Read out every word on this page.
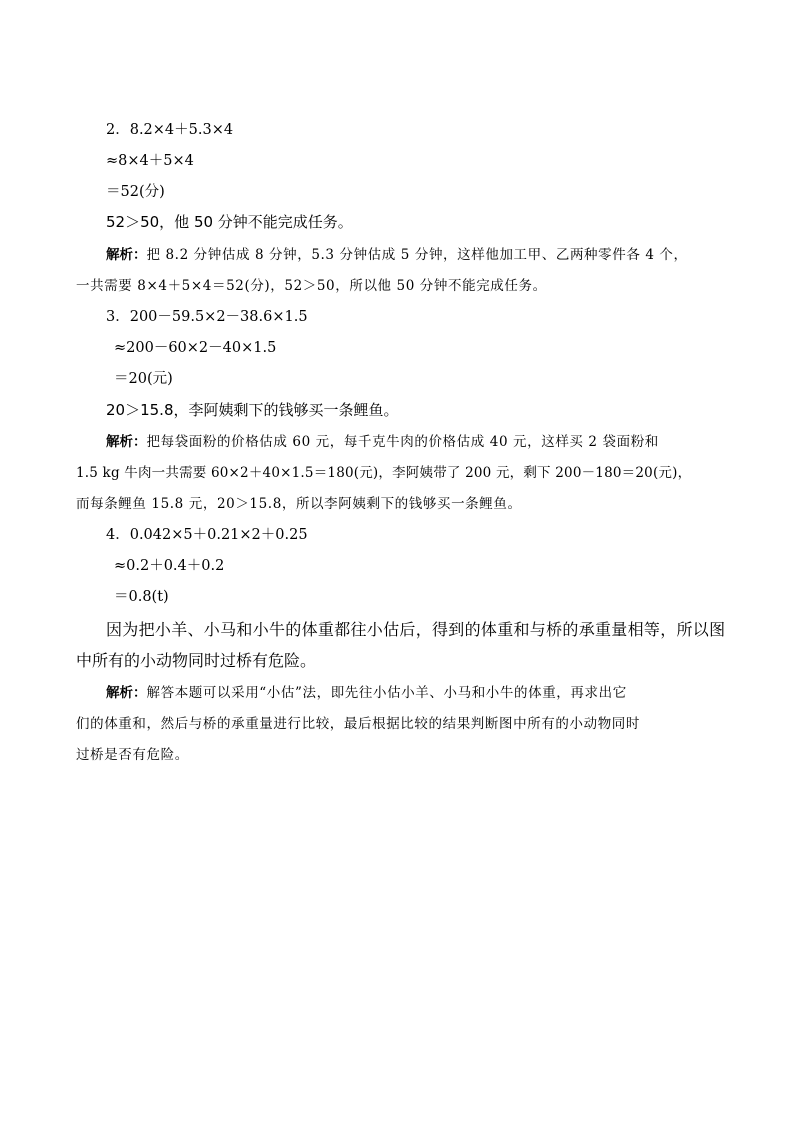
2．8.2×4＋5.3×4
≈8×4＋5×4
＝52(分)
52＞50，他 50 分钟不能完成任务。
解析：把 8.2 分钟估成 8 分钟，5.3 分钟估成 5 分钟，这样他加工甲、乙两种零件各 4 个，
一共需要 8×4＋5×4＝52(分)，52＞50，所以他 50 分钟不能完成任务。
3．200－59.5×2－38.6×1.5
≈200－60×2－40×1.5
＝20(元)
20＞15.8，李阿姨剩下的钱够买一条鲤鱼。
解析：把每袋面粉的价格估成 60 元，每千克牛肉的价格估成 40 元，这样买 2 袋面粉和
1.5 kg 牛肉一共需要 60×2＋40×1.5＝180(元)，李阿姨带了 200 元，剩下 200－180＝20(元)，
而每条鲤鱼 15.8 元，20＞15.8，所以李阿姨剩下的钱够买一条鲤鱼。
4．0.042×5＋0.21×2＋0.25
≈0.2＋0.4＋0.2
＝0.8(t)
因为把小羊、小马和小牛的体重都往小估后，得到的体重和与桥的承重量相等，所以图
中所有的小动物同时过桥有危险。
解析：解答本题可以采用“小估”法，即先往小估小羊、小马和小牛的体重，再求出它
们的体重和，然后与桥的承重量进行比较，最后根据比较的结果判断图中所有的小动物同时
过桥是否有危险。
